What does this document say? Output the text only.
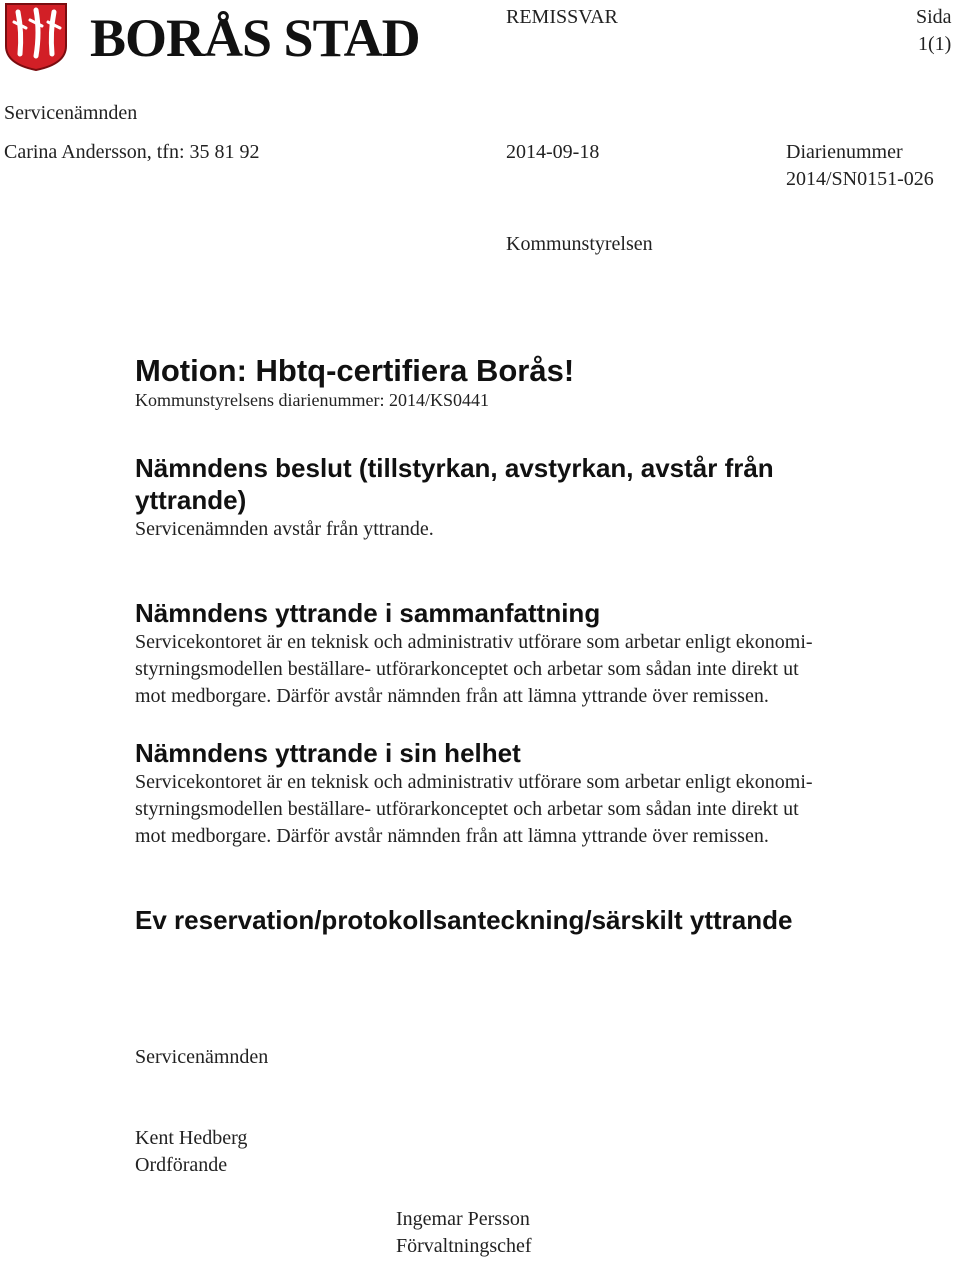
BORÅS STAD	REMISSVAR	Sida
1(1)
Servicenämnden
Carina Andersson, tfn: 35 81 92	2014-09-18	Diarienummer
2014/SN0151-026
Kommunstyrelsen
Motion: Hbtq-certifiera Borås!
Kommunstyrelsens diarienummer: 2014/KS0441
Nämndens beslut (tillstyrkan, avstyrkan, avstår från
yttrande)
Servicenämnden avstår från yttrande.
Nämndens yttrande i sammanfattning
Servicekontoret är en teknisk och administrativ utförare som arbetar enligt ekonomi-
styrningsmodellen beställare- utförarkonceptet och arbetar som sådan inte direkt ut
mot medborgare. Därför avstår nämnden från att lämna yttrande över remissen.
Nämndens yttrande i sin helhet
Servicekontoret är en teknisk och administrativ utförare som arbetar enligt ekonomi-
styrningsmodellen beställare- utförarkonceptet och arbetar som sådan inte direkt ut
mot medborgare. Därför avstår nämnden från att lämna yttrande över remissen.
Ev reservation/protokollsanteckning/särskilt yttrande
Servicenämnden
Kent Hedberg
Ordförande
Ingemar Persson
Förvaltningschef
